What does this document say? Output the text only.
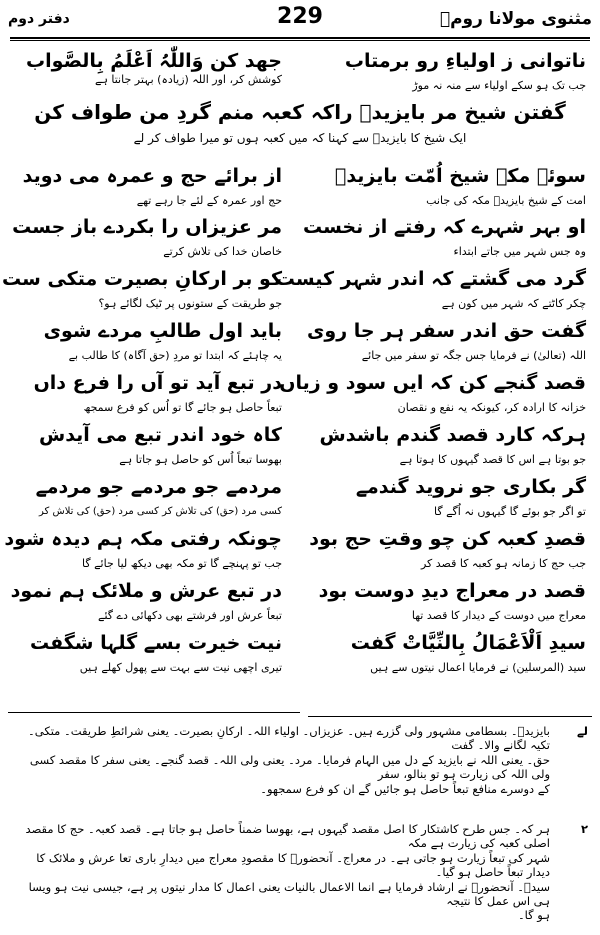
مثنوی مولانا رومؒ
229
دفتر دوم
ناتوانی ز اولیاءِ رو برمتاب
جهد کن وَاللّٰہُ اَعْلَمُ بِالصَّواب
جب تک ہو سکے اولیاء سے منہ نہ موڑ
کوشش کر، اور اللہ (زیادہ) بہتر جانتا ہے
گفتن شیخ مر بایزیدؒ راکہ کعبہ منم گردِ من طواف کن
ایک شیخ کا بایزیدؒ سے کہنا کہ میں کعبہ ہوں تو میرا طواف کر لے
سوئے مکہ شیخ اُمّت بایزیدؒ
از برائے حج و عمرہ می دوید
امت کے شیخ بایزیدؒ مکہ کی جانب
حج اور عمرہ کے لئے جا رہے تھے
او بہر شہرے کہ رفتے از نخست
مر عزیزاں را بکردے باز جست
وہ جس شہر میں جاتے ابتداء
خاصان خدا کی تلاش کرتے
گرد می گشتے کہ اندر شہر کیست
کو بر ارکانِ بصیرت متکی ست
چکر کاٹتے کہ شہر میں کون ہے
جو طریقت کے ستونوں پر ٹیک لگائے ہو؟
گفت حق اندر سفر ہر جا روی
باید اول طالبِ مردے شوی
اللہ (تعالیٰ) نے فرمایا جس جگہ تو سفر میں جائے
یہ چاہئے کہ ابتدا تو مردِ (حق آگاہ) کا طالب بے
قصد گنجے کن کہ ایں سود و زیاں
در تبع آید تو آں را فرع داں
خزانہ کا ارادہ کر، کیونکہ یہ نفع و نقصان
تبعاً حاصل ہو جائے گا تو اُس کو فرع سمجھ
ہرکہ کارد قصد گندم باشدش
کاہ خود اندر تبع می آیدش
جو بوتا ہے اس کا قصد گیہوں کا ہوتا ہے
بھوسا تبعاً اُس کو حاصل ہو جاتا ہے
گر بکاری جو نروید گندمے
مردمے جو مردمے جو مردمے
تو اگر جو بوئے گا گیہوں نہ اُگے گا
کسی مرد (حق) کی تلاش کر کسی مرد (حق) کی تلاش کر
قصدِ کعبہ کن چو وقتِ حج بود
چونکہ رفتی مکہ ہم دیدہ شود
جب حج کا زمانہ ہو کعبہ کا قصد کر
جب تو پہنچے گا تو مکہ بھی دیکھ لیا جائے گا
قصد در معراج دیدِ دوست بود
در تبع عرش و ملائک ہم نمود
معراج میں دوست کے دیدار کا قصد تھا
تبعاً عرش اور فرشتے بھی دکھائی دے گئے
سیدِ اَلْاَعْمَالُ بِالنِّیَّاتْ گفت
نیت خیرت بسے گلہا شگفت
سید (المرسلین) نے فرمایا اعمال نیتوں سے ہیں
تیری اچھی نیت سے بہت سے پھول کھلے ہیں
لے
بایزیدؒ۔ بسطامی مشہور ولی گزرے ہیں۔ عزیزاں۔ اولیاء اللہ۔ ارکانِ بصیرت۔ یعنی شرائطِ طریقت۔ متکی۔ تکیہ لگانے والا۔ گفت
حق۔ یعنی اللہ نے بایزید کے دل میں الہام فرمایا۔ مرد۔ یعنی ولی اللہ۔ قصد گنجے۔ یعنی سفر کا مقصد کسی ولی اللہ کی زیارت ہو تو بنالو، سفر
کے دوسرے منافع تبعاً حاصل ہو جائیں گے ان کو فرع سمجھو۔
۲
ہر کہ۔ جس طرح کاشتکار کا اصل مقصد گیہوں ہے، بھوسا ضمناً حاصل ہو جاتا ہے۔ قصد کعبہ۔ حج کا مقصد اصلی کعبہ کی زیارت ہے مکہ
شہر کی تبعاً زیارت ہو جاتی ہے۔ در معراج۔ آنحضورؐ کا مقصودِ معراج میں دیدارِ باری تعا عرش و ملائک کا دیدار تبعاً حاصل ہو گیا۔
سیدؐ۔ آنحضورؐ نے ارشاد فرمایا ہے انما الاعمال بالنیات یعنی اعمال کا مدار نیتوں پر ہے، جیسی نیت ہو ویسا ہی اس عمل کا نتیجہ
ہو گا۔
